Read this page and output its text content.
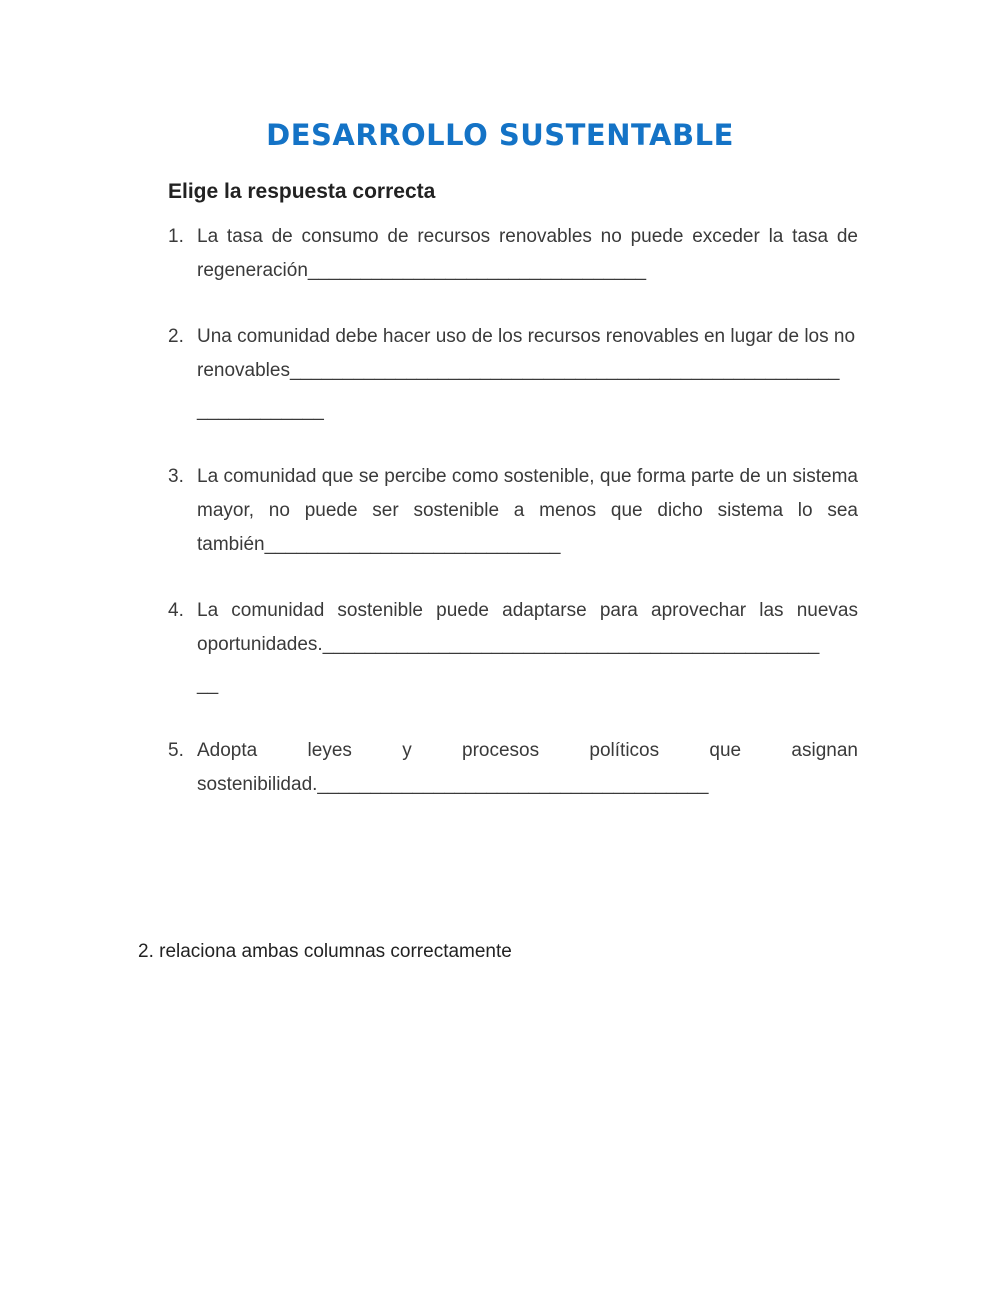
DESARROLLO SUSTENTABLE
Elige la respuesta correcta
1. La tasa de consumo de recursos renovables no puede exceder la tasa de regeneración________________________________
2. Una comunidad debe hacer uso de los recursos renovables en lugar de los no
renovables____________________________________________________
____________
3. La comunidad que se percibe como sostenible, que forma parte de un sistema mayor, no puede ser sostenible a menos que dicho sistema lo sea también____________________________
4. La comunidad sostenible puede adaptarse para aprovechar las nuevas oportunidades._______________________________________________
__
5. Adopta leyes y procesos políticos que asignan sostenibilidad._____________________________________
2. relaciona ambas columnas correctamente
